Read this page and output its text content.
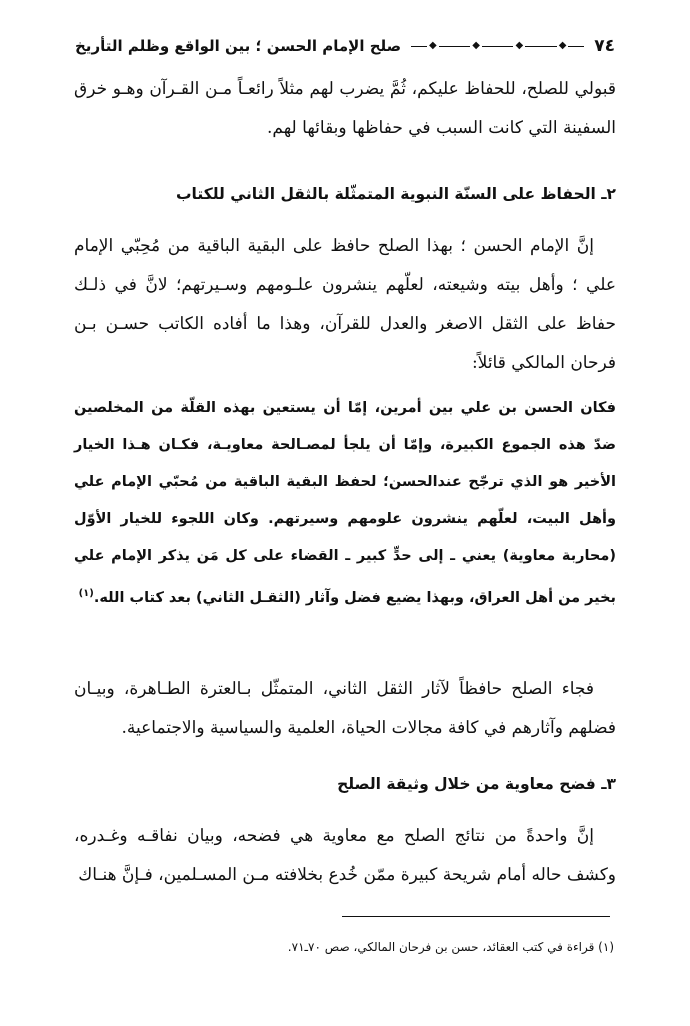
٧٤
◆
◆
◆
◆
صلح الإمام الحسن ؛ بين الواقع وظلم التأريخ

قبولي للصلح، للحفاظ عليكم، ثُمَّ يضرب لهم مثلاً رائعـاً مـن القـرآن وهـو خرق السفينة التي كانت السبب في حفاظها وبقائها لهم.

٢ـ الحفاظ على السنّة النبوية المتمثّلة بالثقل الثاني للكتاب

إنَّ الإمام الحسن ؛ بهذا الصلح حافظ على البقية الباقية من مُحِبّي الإمام علي ؛ وأهل بيته وشيعته، لعلّهم ينشرون علـومهم وسـيرتهم؛ لانَّ في ذلـك حفاظ على الثقل الاصغر والعدل للقرآن، وهذا ما أفاده الكاتب حسـن بـن فرحان المالكي قائلاً:

فكان الحسن بن علي بين أمرين، إمّا أن يستعين بهذه القلّة من المخلصين ضدّ هذه الجموع الكبيرة، وإمّا أن يلجأ لمصـالحة معاويـة، فكـان هـذا الخيار الأخير هو الذي ترجّح عندالحسن؛ لحفظ البقية الباقية من مُحبّي الإمام علي وأهل البيت، لعلّهم ينشرون علومهم وسيرتهم. وكان اللجوء للخيار الأوّل (محاربة معاوية) يعني ـ إلى حدٍّ كبير ـ القضاء على كل مَن يذكر الإمام علي بخير من أهل العراق، وبهذا يضيع فضل وآثار (الثقـل الثاني) بعد كتاب الله.$^{(١)}$

فجاء الصلح حافظاً لآثار الثقل الثاني، المتمثّل بـالعترة الطـاهرة، وبيـان فضلهم وآثارهم في كافة مجالات الحياة، العلمية والسياسية والاجتماعية.

٣ـ فضح معاوية من خلال وثيقة الصلح

إنَّ واحدةً من نتائج الصلح مع معاوية هي فضحه، وبيان نفاقـه وغـدره، وكشف حاله أمام شريحة كبيرة ممّن خُدع بخلافته مـن المسـلمين، فـإنَّ هنـاك

(١) قراءة في كتب العقائد، حسن بن فرحان المالكي، صص ٧٠ـ٧١.
